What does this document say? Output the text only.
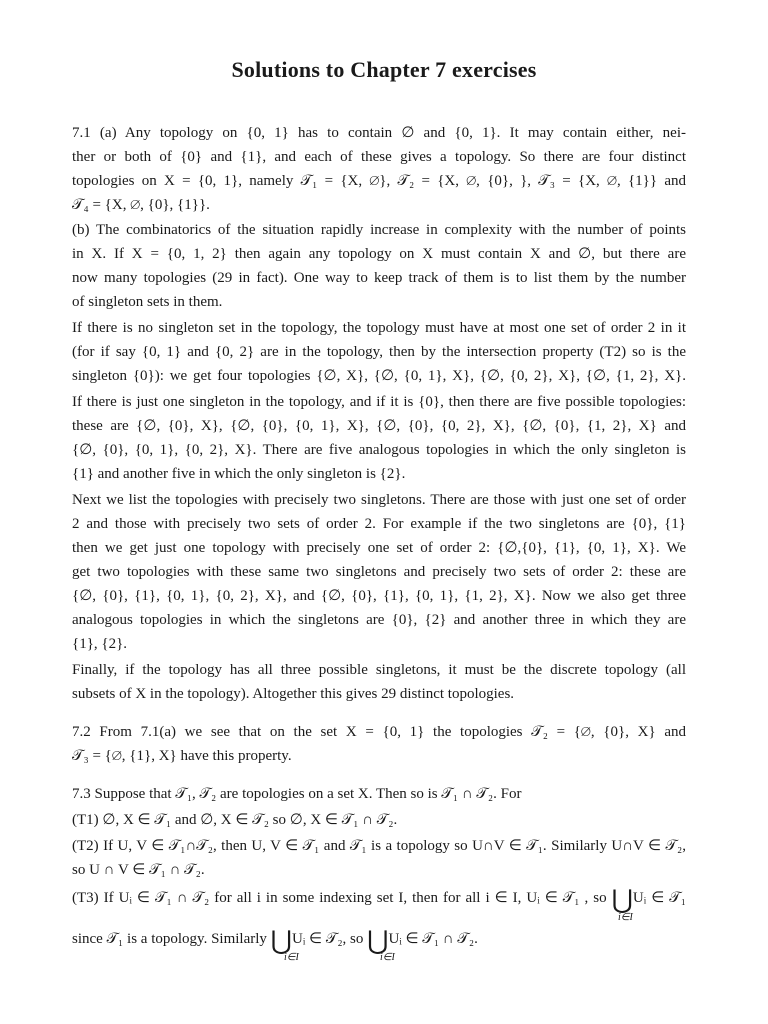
Solutions to Chapter 7 exercises
7.1 (a) Any topology on {0, 1} has to contain ∅ and {0, 1}. It may contain either, nei-
ther or both of {0} and {1}, and each of these gives a topology. So there are four distinct
topologies on X = {0, 1}, namely 𝒯₁ = {X, ∅}, 𝒯₂ = {X, ∅, {0}, }, 𝒯₃ = {X, ∅, {1}} and
𝒯₄ = {X, ∅, {0}, {1}}.
(b) The combinatorics of the situation rapidly increase in complexity with the number of points
in X. If X = {0, 1, 2} then again any topology on X must contain X and ∅, but there are
now many topologies (29 in fact). One way to keep track of them is to list them by the number
of singleton sets in them.
If there is no singleton set in the topology, the topology must have at most one set of order 2 in it
(for if say {0, 1} and {0, 2} are in the topology, then by the intersection property (T2) so is the
singleton {0}): we get four topologies {∅, X}, {∅, {0, 1}, X}, {∅, {0, 2}, X}, {∅, {1, 2}, X}.
If there is just one singleton in the topology, and if it is {0}, then there are five possible topologies:
these are {∅, {0}, X}, {∅, {0}, {0, 1}, X}, {∅, {0}, {0, 2}, X}, {∅, {0}, {1, 2}, X} and
{∅, {0}, {0, 1}, {0, 2}, X}. There are five analogous topologies in which the only singleton is
{1} and another five in which the only singleton is {2}.
Next we list the topologies with precisely two singletons. There are those with just one set of order
2 and those with precisely two sets of order 2. For example if the two singletons are {0}, {1}
then we get just one topology with precisely one set of order 2: {∅,{0}, {1}, {0, 1}, X}. We
get two topologies with these same two singletons and precisely two sets of order 2: these are
{∅, {0}, {1}, {0, 1}, {0, 2}, X}, and {∅, {0}, {1}, {0, 1}, {1, 2}, X}. Now we also get three
analogous topologies in which the singletons are {0}, {2} and another three in which they are
{1}, {2}.
Finally, if the topology has all three possible singletons, it must be the discrete topology (all
subsets of X in the topology). Altogether this gives 29 distinct topologies.
7.2 From 7.1(a) we see that on the set X = {0, 1} the topologies 𝒯₂ = {∅, {0}, X} and
𝒯₃ = {∅, {1}, X} have this property.
7.3 Suppose that 𝒯₁, 𝒯₂ are topologies on a set X. Then so is 𝒯₁ ∩ 𝒯₂. For
(T1) ∅, X ∈ 𝒯₁ and ∅, X ∈ 𝒯₂ so ∅, X ∈ 𝒯₁ ∩ 𝒯₂.
(T2) If U, V ∈ 𝒯₁∩𝒯₂, then U, V ∈ 𝒯₁ and 𝒯₁ is a topology so U∩V ∈ 𝒯₁. Similarly U∩V ∈ 𝒯₂,
so U ∩ V ∈ 𝒯₁ ∩ 𝒯₂.
(T3) If Uᵢ ∈ 𝒯₁ ∩ 𝒯₂ for all i in some indexing set I, then for all i ∈ I, Uᵢ ∈ 𝒯₁ , so ⋃Uᵢ ∈ 𝒯₁
i∈I
since 𝒯₁ is a topology. Similarly ⋃Uᵢ ∈ 𝒯₂, so ⋃Uᵢ ∈ 𝒯₁ ∩ 𝒯₂.
i∈I	i∈I
